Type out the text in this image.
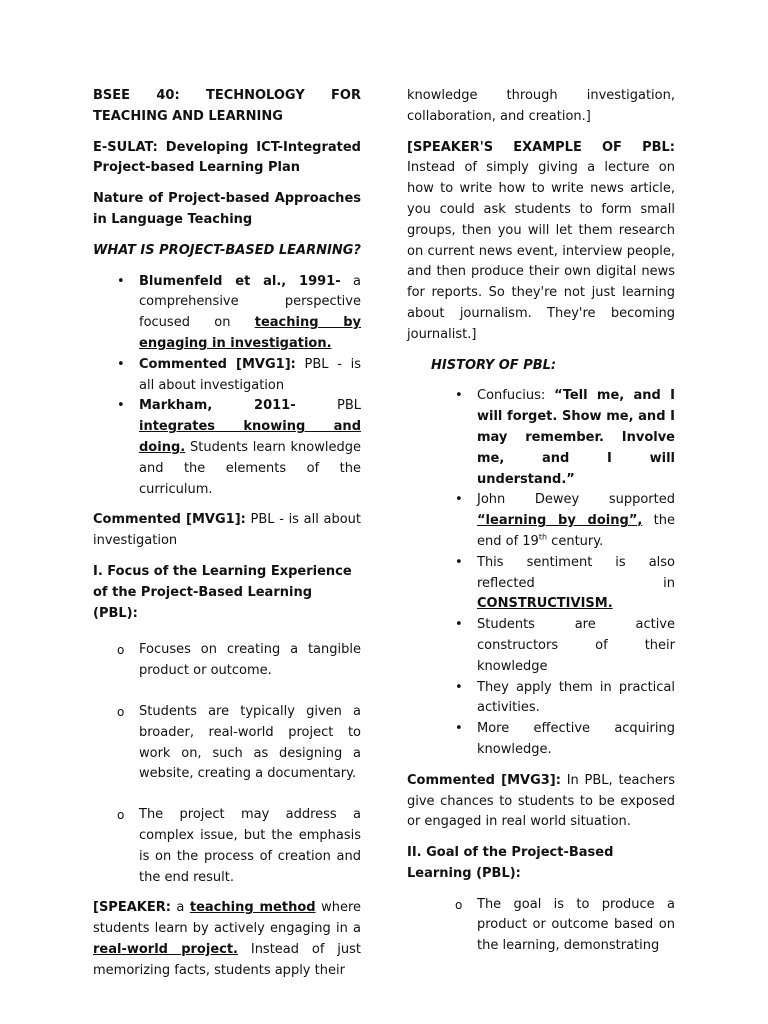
BSEE 40: TECHNOLOGY FOR TEACHING AND LEARNING

E-SULAT: Developing ICT-Integrated Project-based Learning Plan

Nature of Project-based Approaches in Language Teaching

WHAT IS PROJECT-BASED LEARNING?

• Blumenfeld et al., 1991- a comprehensive perspective focused on teaching by engaging in investigation.
• Commented [MVG1]: PBL - is all about investigation
• Markham, 2011- PBL integrates knowing and doing. Students learn knowledge and the elements of the curriculum.

Commented [MVG1]: PBL - is all about investigation

I. Focus of the Learning Experience of the Project-Based Learning (PBL):

o Focuses on creating a tangible product or outcome.
o Students are typically given a broader, real-world project to work on, such as designing a website, creating a documentary.
o The project may address a complex issue, but the emphasis is on the process of creation and the end result.

[SPEAKER: a teaching method where students learn by actively engaging in a real-world project. Instead of just memorizing facts, students apply their

knowledge through investigation, collaboration, and creation.]

[SPEAKER'S EXAMPLE OF PBL: Instead of simply giving a lecture on how to write how to write news article, you could ask students to form small groups, then you will let them research on current news event, interview people, and then produce their own digital news for reports. So they're not just learning about journalism. They're becoming journalist.]

HISTORY OF PBL:

• Confucius: “Tell me, and I will forget. Show me, and I may remember. Involve me, and I will understand.”
• John Dewey supported “learning by doing”, the end of 19th century.
• This sentiment is also reflected in CONSTRUCTIVISM.
• Students are active constructors of their knowledge
• They apply them in practical activities.
• More effective acquiring knowledge.

Commented [MVG3]: In PBL, teachers give chances to students to be exposed or engaged in real world situation.

II. Goal of the Project-Based Learning (PBL):

o The goal is to produce a product or outcome based on the learning, demonstrating
